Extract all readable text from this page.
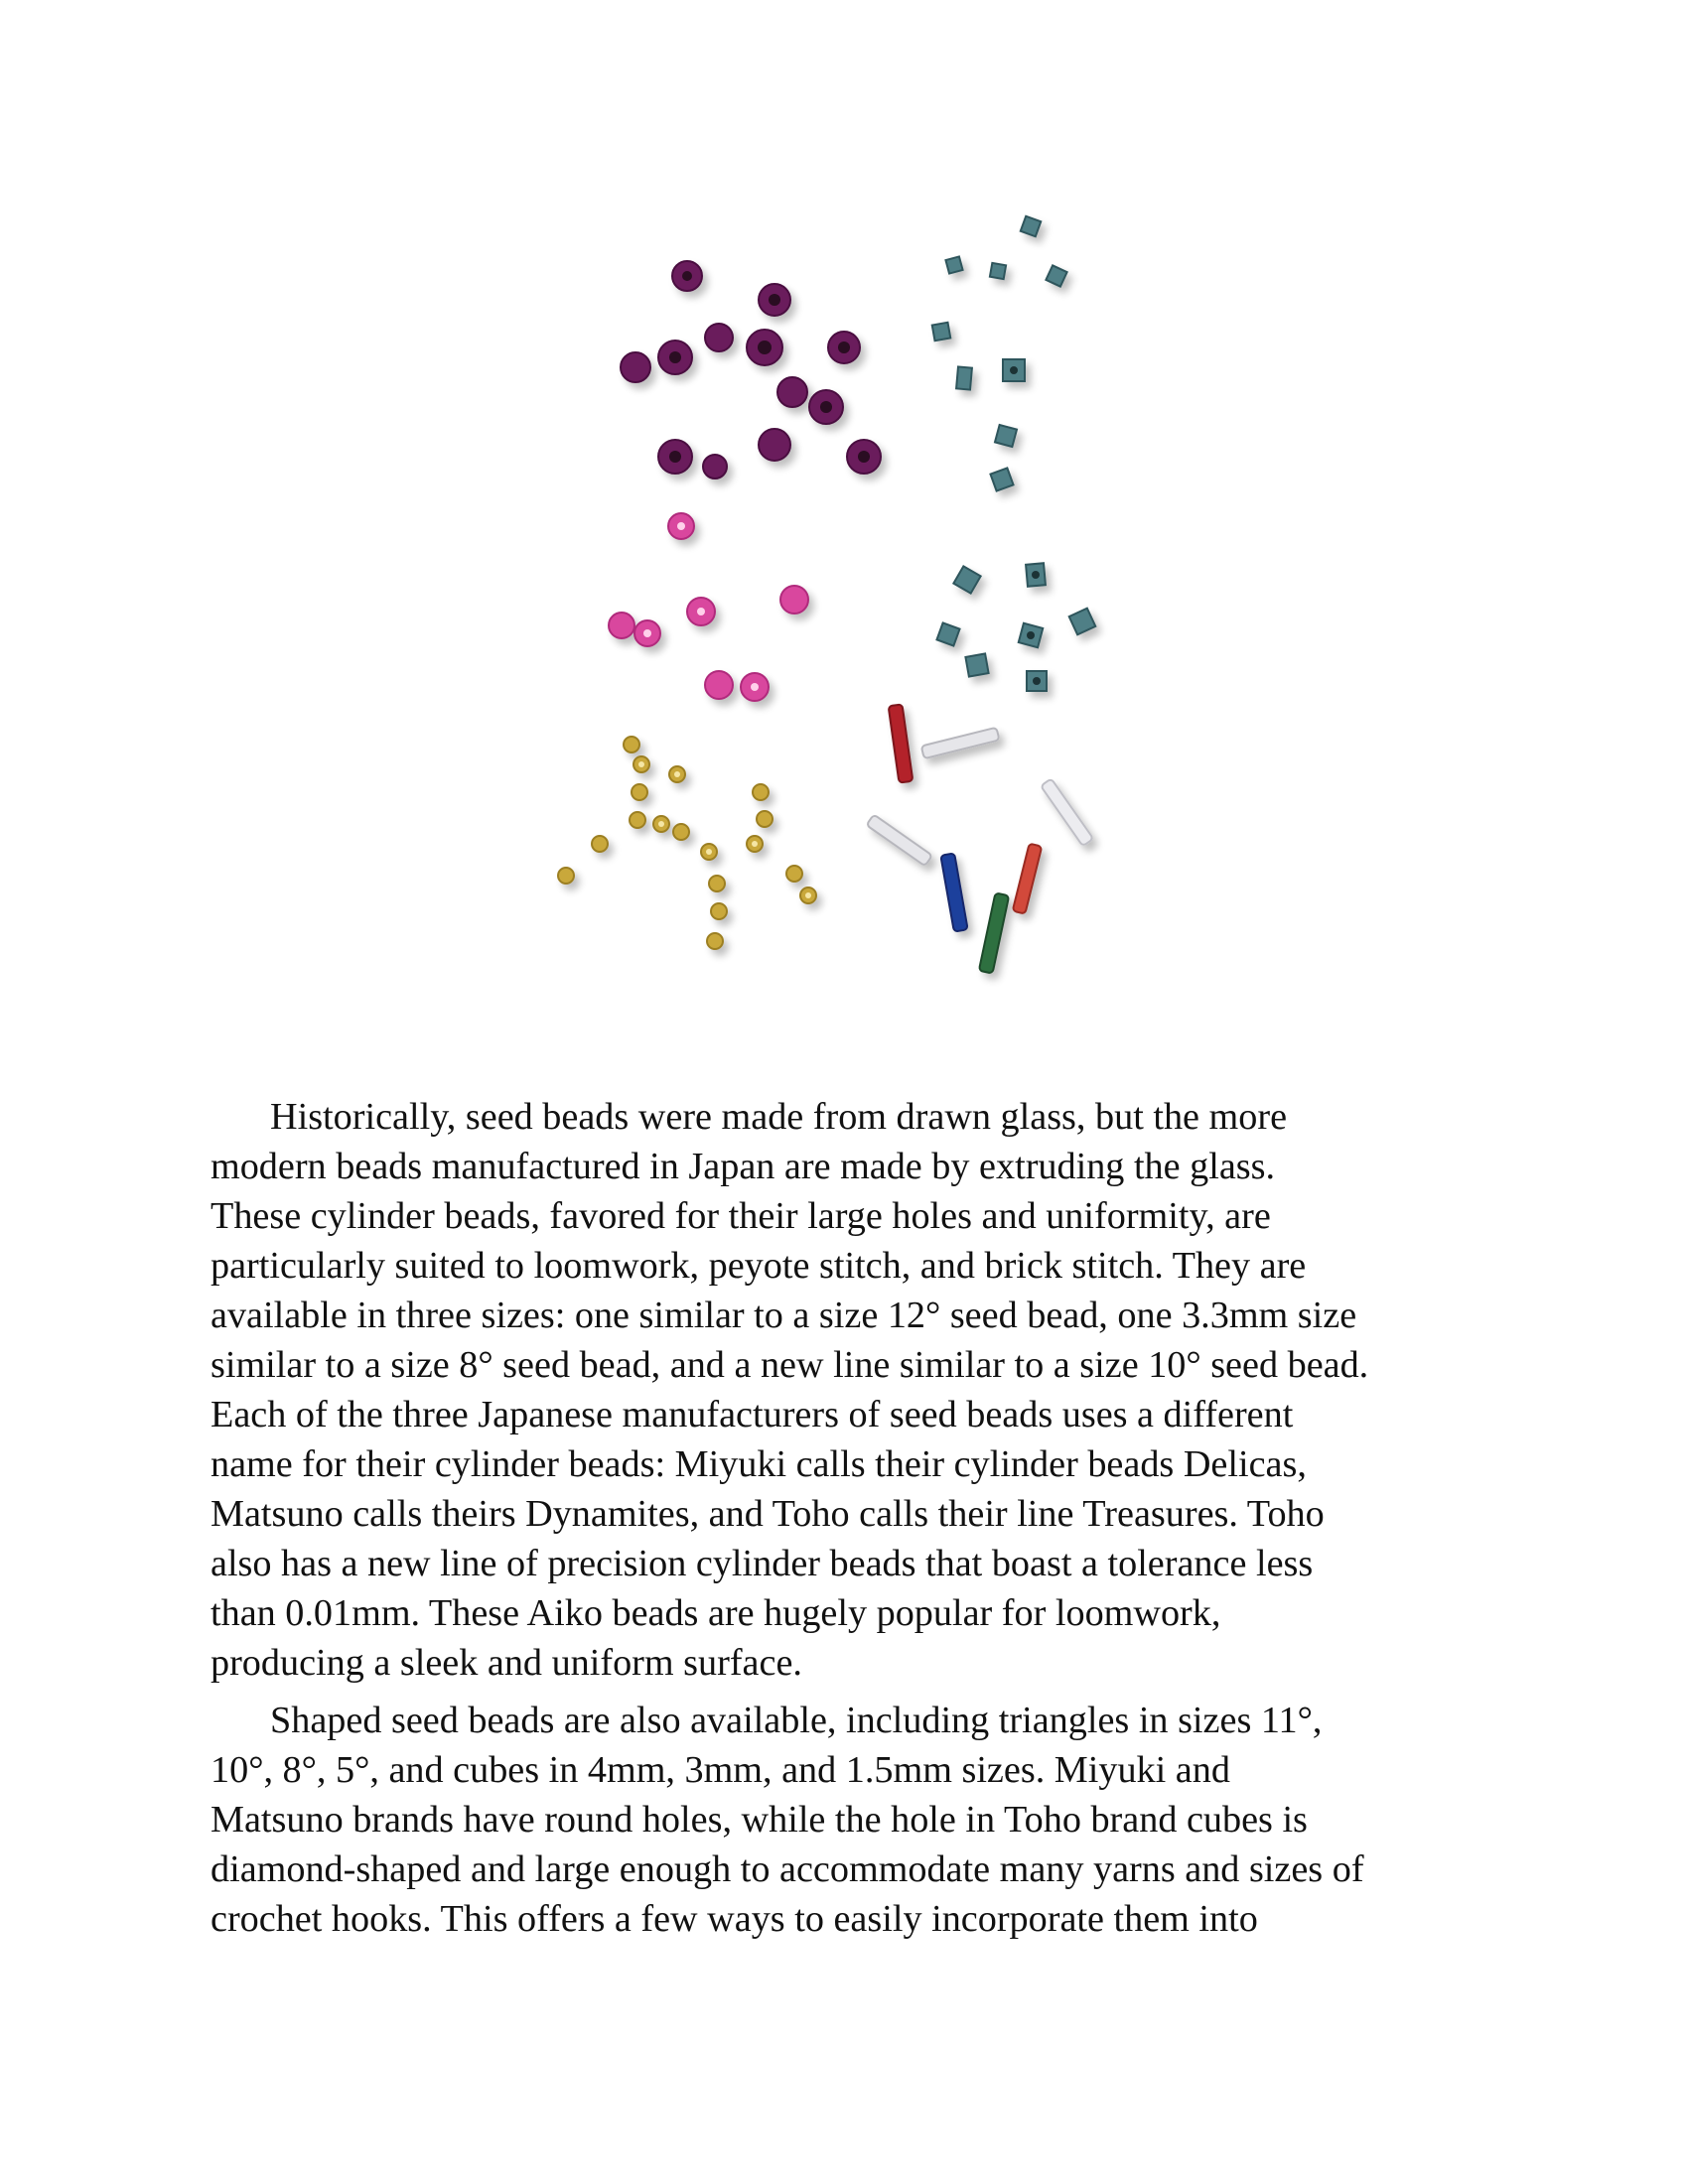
Historically, seed beads were made from drawn glass, but the more
modern beads manufactured in Japan are made by extruding the glass.
These cylinder beads, favored for their large holes and uniformity, are
particularly suited to loomwork, peyote stitch, and brick stitch. They are
available in three sizes: one similar to a size 12° seed bead, one 3.3mm size
similar to a size 8° seed bead, and a new line similar to a size 10° seed bead.
Each of the three Japanese manufacturers of seed beads uses a different
name for their cylinder beads: Miyuki calls their cylinder beads Delicas,
Matsuno calls theirs Dynamites, and Toho calls their line Treasures. Toho
also has a new line of precision cylinder beads that boast a tolerance less
than 0.01mm. These Aiko beads are hugely popular for loomwork,
producing a sleek and uniform surface.

Shaped seed beads are also available, including triangles in sizes 11°,
10°, 8°, 5°, and cubes in 4mm, 3mm, and 1.5mm sizes. Miyuki and
Matsuno brands have round holes, while the hole in Toho brand cubes is
diamond-shaped and large enough to accommodate many yarns and sizes of
crochet hooks. This offers a few ways to easily incorporate them into
